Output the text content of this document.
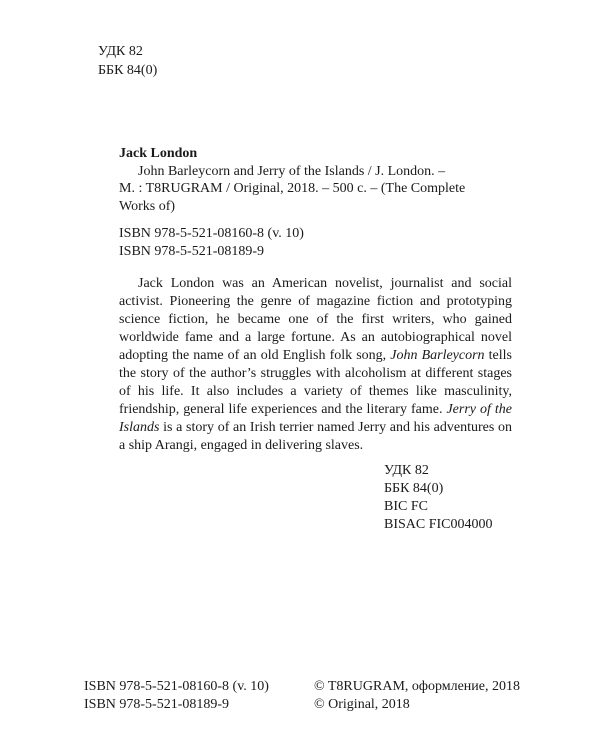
УДК 82
ББК 84(0)
Jack London
John Barleycorn and Jerry of the Islands / J. London. –
M. : T8RUGRAM / Original, 2018. – 500 с. – (The Complete
Works of)
ISBN 978-5-521-08160-8 (v. 10)
ISBN 978-5-521-08189-9

Jack London was an American novelist, journalist and social activist. Pioneering the genre of magazine fiction and prototyping science fiction, he became one of the first writers, who gained worldwide fame and a large fortune. As an autobiographical novel adopting the name of an old English folk song, John Barleycorn tells the story of the author’s struggles with alcoholism at different stages of his life. It also includes a variety of themes like masculinity, friendship, general life experiences and the literary fame. Jerry of the Islands is a story of an Irish terrier named Jerry and his adventures on a ship Arangi, engaged in delivering slaves.

УДК 82
ББК 84(0)
BIC FC
BISAC FIC004000
ISBN 978-5-521-08160-8 (v. 10)
ISBN 978-5-521-08189-9
© T8RUGRAM, оформление, 2018
© Original, 2018
